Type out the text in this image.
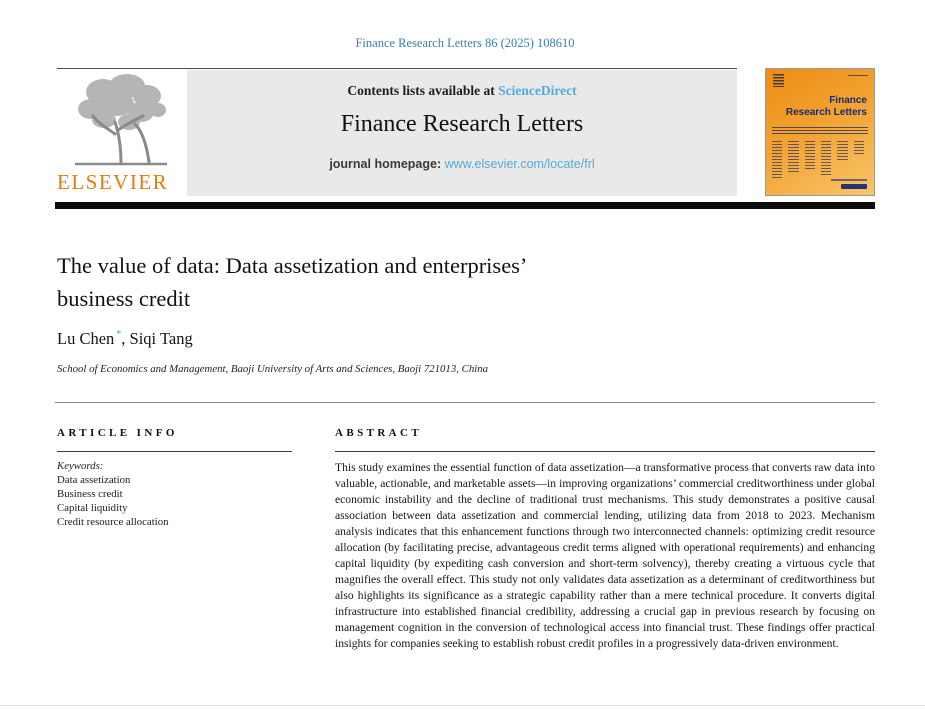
Finance Research Letters 86 (2025) 108610
ELSEVIER
Contents lists available at ScienceDirect
Finance Research Letters
journal homepage: www.elsevier.com/locate/frl
Finance Research Letters
The value of data: Data assetization and enterprises’
business credit
Lu Chen *, Siqi Tang
School of Economics and Management, Baoji University of Arts and Sciences, Baoji 721013, China
ARTICLE INFO
Keywords:
Data assetization
Business credit
Capital liquidity
Credit resource allocation
ABSTRACT
This study examines the essential function of data assetization—a transformative process that converts raw data into valuable, actionable, and marketable assets—in improving organizations’ commercial creditworthiness under global economic instability and the decline of traditional trust mechanisms. This study demonstrates a positive causal association between data assetization and commercial lending, utilizing data from 2018 to 2023. Mechanism analysis indicates that this enhancement functions through two interconnected channels: optimizing credit resource allocation (by facilitating precise, advantageous credit terms aligned with operational requirements) and enhancing capital liquidity (by expediting cash conversion and short-term solvency), thereby creating a virtuous cycle that magnifies the overall effect. This study not only validates data assetization as a determinant of creditworthiness but also highlights its significance as a strategic capability rather than a mere technical procedure. It converts digital infrastructure into established financial credibility, addressing a crucial gap in previous research by focusing on management cognition in the conversion of technological access into financial trust. These findings offer practical insights for companies seeking to establish robust credit profiles in a progressively data-driven environment.
